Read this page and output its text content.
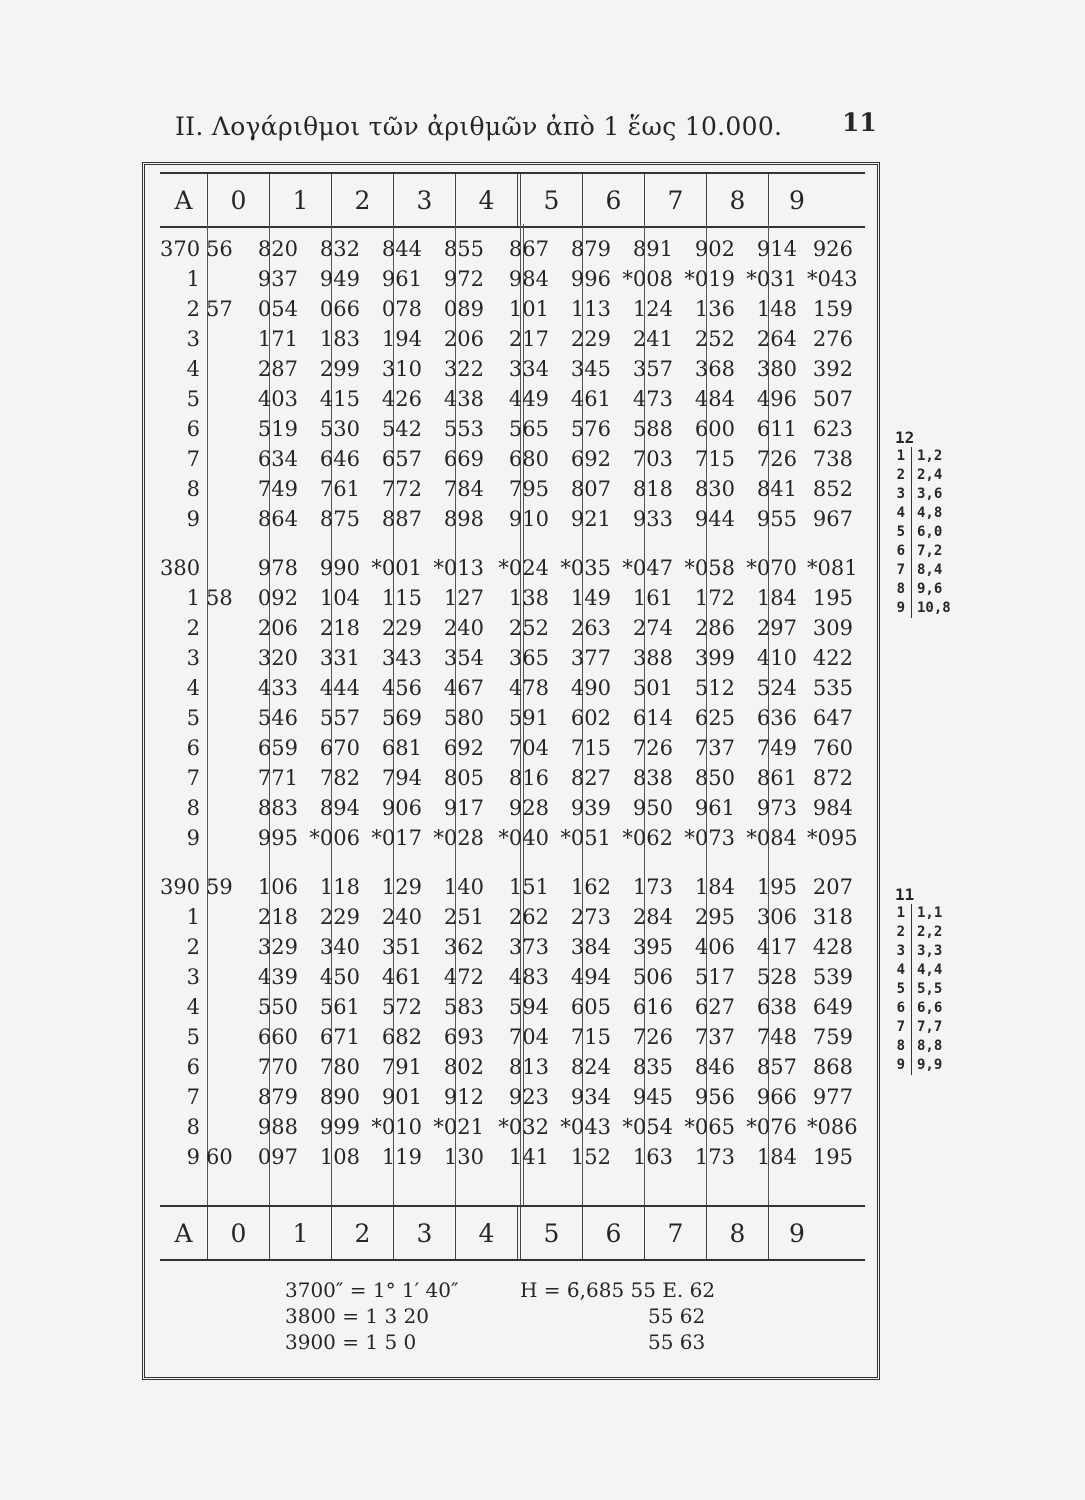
II. Λογάριθμοι τῶν ἀριθμῶν ἀπὸ 1 ἕως 10.000.	11
A	0	1	2	3	4	5	6	7	8	9
A	0	1	2	3	4	5	6	7	8	9
370 56	820	832	844	855	867	879	891	902	914 926
1	937	949	961	972	984	996 *008 *019 *031 *043
2 57	054	066	078	089	101	113	124	136	148 159
3	171	183	194	206	217	229	241	252	264 276
4	287	299	310	322	334	345	357	368	380 392
5	403	415	426	438	449	461	473	484	496 507
6	519	530	542	553	565	576	588	600	611 623
7	634	646	657	669	680	692	703	715	726 738
8	749	761	772	784	795	807	818	830	841 852
9	864	875	887	898	910	921	933	944	955 967
380	978	990 *001 *013 *024 *035 *047 *058 *070 *081
1 58	092	104	115	127	138	149	161	172	184 195
2	206	218	229	240	252	263	274	286	297 309
3	320	331	343	354	365	377	388	399	410 422
4	433	444	456	467	478	490	501	512	524 535
5	546	557	569	580	591	602	614	625	636 647
6	659	670	681	692	704	715	726	737	749 760
7	771	782	794	805	816	827	838	850	861 872
8	883	894	906	917	928	939	950	961	973 984
9	995 *006 *017 *028 *040 *051 *062 *073 *084 *095
390 59	106	118	129	140	151	162	173	184	195 207
1	218	229	240	251	262	273	284	295	306 318
2	329	340	351	362	373	384	395	406	417 428
3	439	450	461	472	483	494	506	517	528 539
4	550	561	572	583	594	605	616	627	638 649
5	660	671	682	693	704	715	726	737	748 759
6	770	780	791	802	813	824	835	846	857 868
7	879	890	901	912	923	934	945	956	966 977
8	988	999 *010 *021 *032 *043 *054 *065 *076 *086
9 60	097	108	119	130	141	152	163	173	184 195
12
1 1,2
2 2,4
3 3,6
4 4,8
5 6,0
6 7,2
7 8,4
8 9,6
9 10,8
11
1 1,1
2 2,2
3 3,3
4 4,4
5 5,5
6 6,6
7 7,7
8 8,8
9 9,9
3700″ = 1° 1′ 40″
3800 = 1 3 20
3900 = 1 5 0
H = 6̄,685 55 E. 62
55 62
55 63
